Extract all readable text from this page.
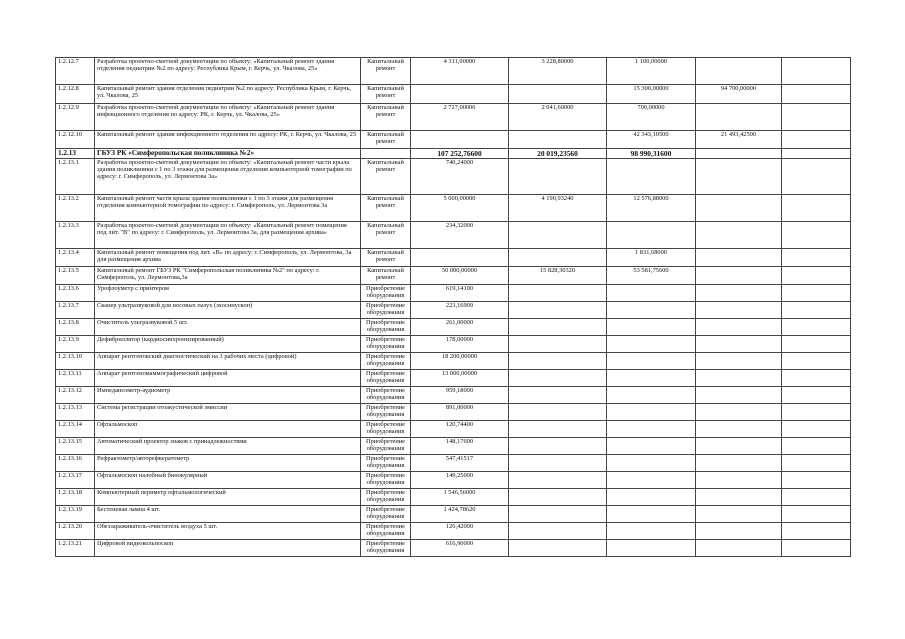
1.2.12.7	Разработка проектно-сметной документации по объекту: «Капитальный ремонт здания отделения педиатрии №2 по адресу: Республика Крым, г. Керчь, ул. Чкалова, 25»	Капитальный ремонт	4 311,00000	3 228,80000	1 100,00000		
1.2.12.8	Капитальный ремонт здания отделения педиатрии №2 по адресу: Республика Крым, г. Керчь, ул. Чкалова, 25	Капитальный ремонт			15 300,00000	94 700,00000	
1.2.12.9	Разработка проектно-сметной документации по объекту: «Капитальный ремонт здания инфекционного отделения по адресу: РК, г. Керчь, ул. Чкалова, 25»	Капитальный ремонт	2 727,00000	2 041,60000	700,00000		
1.2.12.10	Капитальный ремонт здания инфекционного отделения по адресу: РК, г. Керчь, ул. Чкалова, 25	Капитальный ремонт			42 343,10500	21 493,42500	
1.2.13	ГБУЗ РК «Симферопольская поликлиника №2»		107 252,76600	20 019,23560	98 990,31600		
1.2.13.1	Разработка проектно-сметной документации по объекту: «Капитальный ремонт части крыла здания поликлиники с 1 по 3 этажи для размещения отделения компьютерной томографии по адресу: г. Симферополь, ул. Лермонтова 3а»	Капитальный ремонт	740,24000				
1.2.13.2	Капитальный ремонт части крыла здания поликлиники с 1 по 3 этажи для размещения отделения компьютерной томографии по адресу: г. Симферополь, ул. Лермонтова 3а	Капитальный ремонт	5 000,00000	4 190,93240	12 576,88000		
1.2.13.3	Разработка проектно-сметной документации по объекту: «Капитальный ремонт помещения под лит. "В" по адресу: г. Симферополь, ул. Лермонтова 3а, для размещения архива»	Капитальный ремонт	234,32000				
1.2.13.4	Капитальный ремонт помещения под лит. «В» по адресу: г. Симферополь, ул. Лермонтова, 3а для размещения архива	Капитальный ремонт			1 831,68000		
1.2.13.5	Капитальный ремонт ГБУЗ РК "Симферопольская поликлиника №2" по адресу: г. Симферополь, ул. Лермонтова,3а	Капитальный ремонт	50 000,00000	15 828,30320	53 581,75600		
1.2.13.6	Урофлоуметр с принтером	Приобретение оборудования	619,14100				
1.2.13.7	Сканер ультразвуковой для носовых пазух (эхосинускоп)	Приобретение оборудования	223,16909				
1.2.13.8	Очиститель ультразвуковой 5 шт.	Приобретение оборудования	261,00000				
1.2.13.9	Дефибриллятор (кардиосинхронизированный)	Приобретение оборудования	178,00000				
1.2.13.10	Аппарат рентгеновский диагностический на 3 рабочих места (цифровой)	Приобретение оборудования	18 200,00000				
1.2.13.11	Аппарат рентгеномаммографический цифровой	Приобретение оборудования	13 000,00000				
1.2.13.12	Импедансометр-аудиометр	Приобретение оборудования	959,18000				
1.2.13.13	Система регистрации отоакустической эмиссии	Приобретение оборудования	891,00000				
1.2.13.14	Офтальмоскоп	Приобретение оборудования	120,74400				
1.2.13.15	Автоматический проектор знаков с принадлежностями	Приобретение оборудования	148,17600				
1.2.13.16	Рефрактометр/авторефкератометр	Приобретение оборудования	547,41517				
1.2.13.17	Офтальмоскоп налобный бинокулярный	Приобретение оборудования	149,25000				
1.2.13.18	Компьютерный периметр офтальмологический	Приобретение оборудования	1 546,56000				
1.2.13.19	Бестеневая лампа 4 шт.	Приобретение оборудования	1 424,78620				
1.2.13.20	Обеззараживатель-очиститель воздуха 5 шт.	Приобретение оборудования	126,42000				
1.2.13.21	Цифровой видеокольпоскоп	Приобретение оборудования	616,90000				
